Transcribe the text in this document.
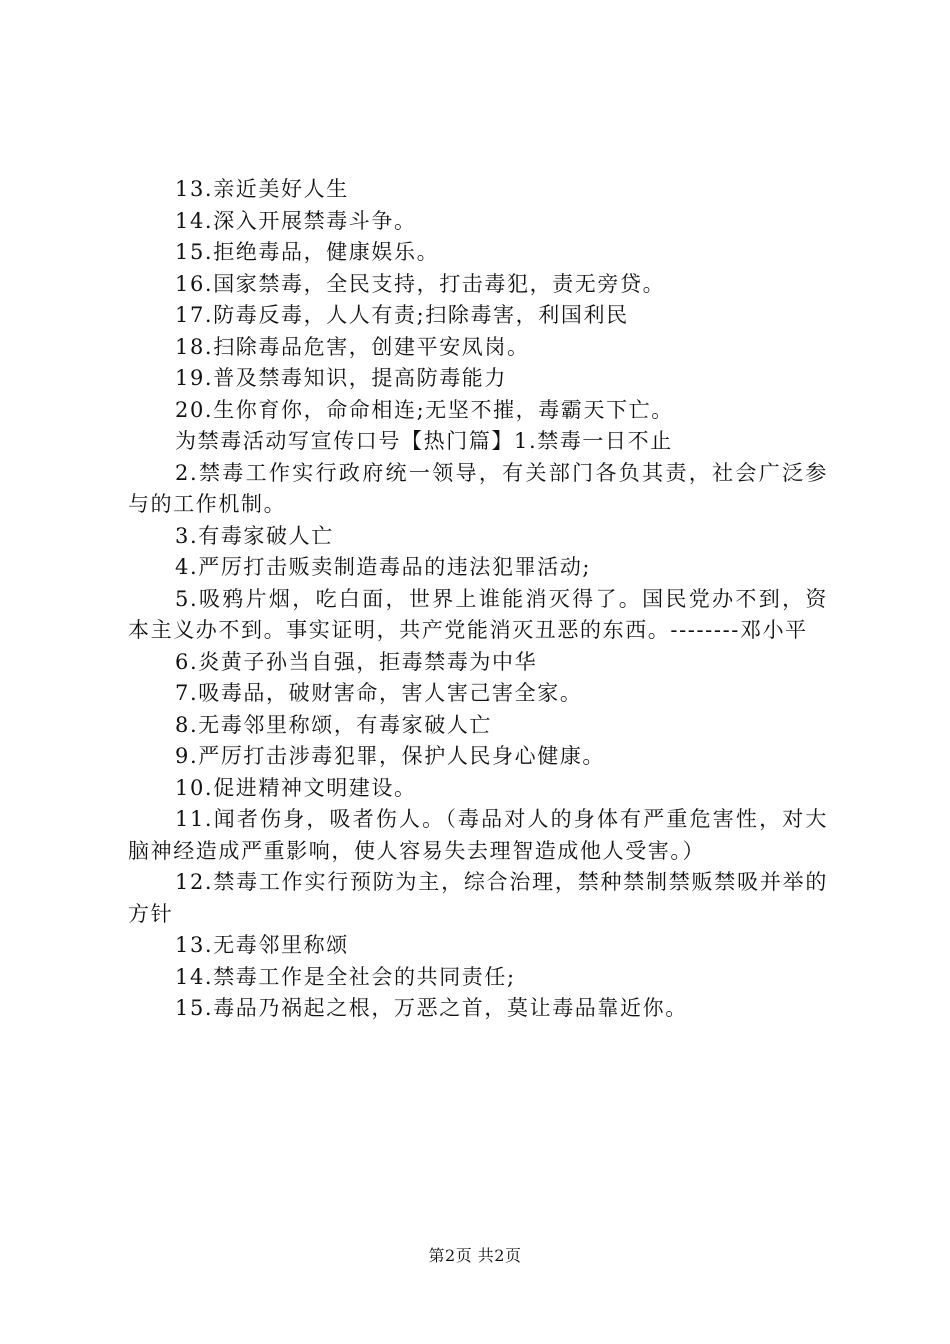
13.亲近美好人生

14.深入开展禁毒斗争。

15.拒绝毒品，健康娱乐。

16.国家禁毒，全民支持，打击毒犯，责无旁贷。

17.防毒反毒，人人有责;扫除毒害，利国利民

18.扫除毒品危害，创建平安凤岗。

19.普及禁毒知识，提高防毒能力

20.生你育你，命命相连;无坚不摧，毒霸天下亡。

为禁毒活动写宣传口号【热门篇】1.禁毒一日不止

2.禁毒工作实行政府统一领导，有关部门各负其责，社会广泛参与的工作机制。

3.有毒家破人亡

4.严厉打击贩卖制造毒品的违法犯罪活动;

5.吸鸦片烟，吃白面，世界上谁能消灭得了。国民党办不到，资本主义办不到。事实证明，共产党能消灭丑恶的东西。--------邓小平

6.炎黄子孙当自强，拒毒禁毒为中华

7.吸毒品，破财害命，害人害己害全家。

8.无毒邻里称颂，有毒家破人亡

9.严厉打击涉毒犯罪，保护人民身心健康。

10.促进精神文明建设。

11.闻者伤身，吸者伤人。（毒品对人的身体有严重危害性，对大脑神经造成严重影响，使人容易失去理智造成他人受害。）

12.禁毒工作实行预防为主，综合治理，禁种禁制禁贩禁吸并举的方针

13.无毒邻里称颂

14.禁毒工作是全社会的共同责任;

15.毒品乃祸起之根，万恶之首，莫让毒品靠近你。

第2页 共2页
